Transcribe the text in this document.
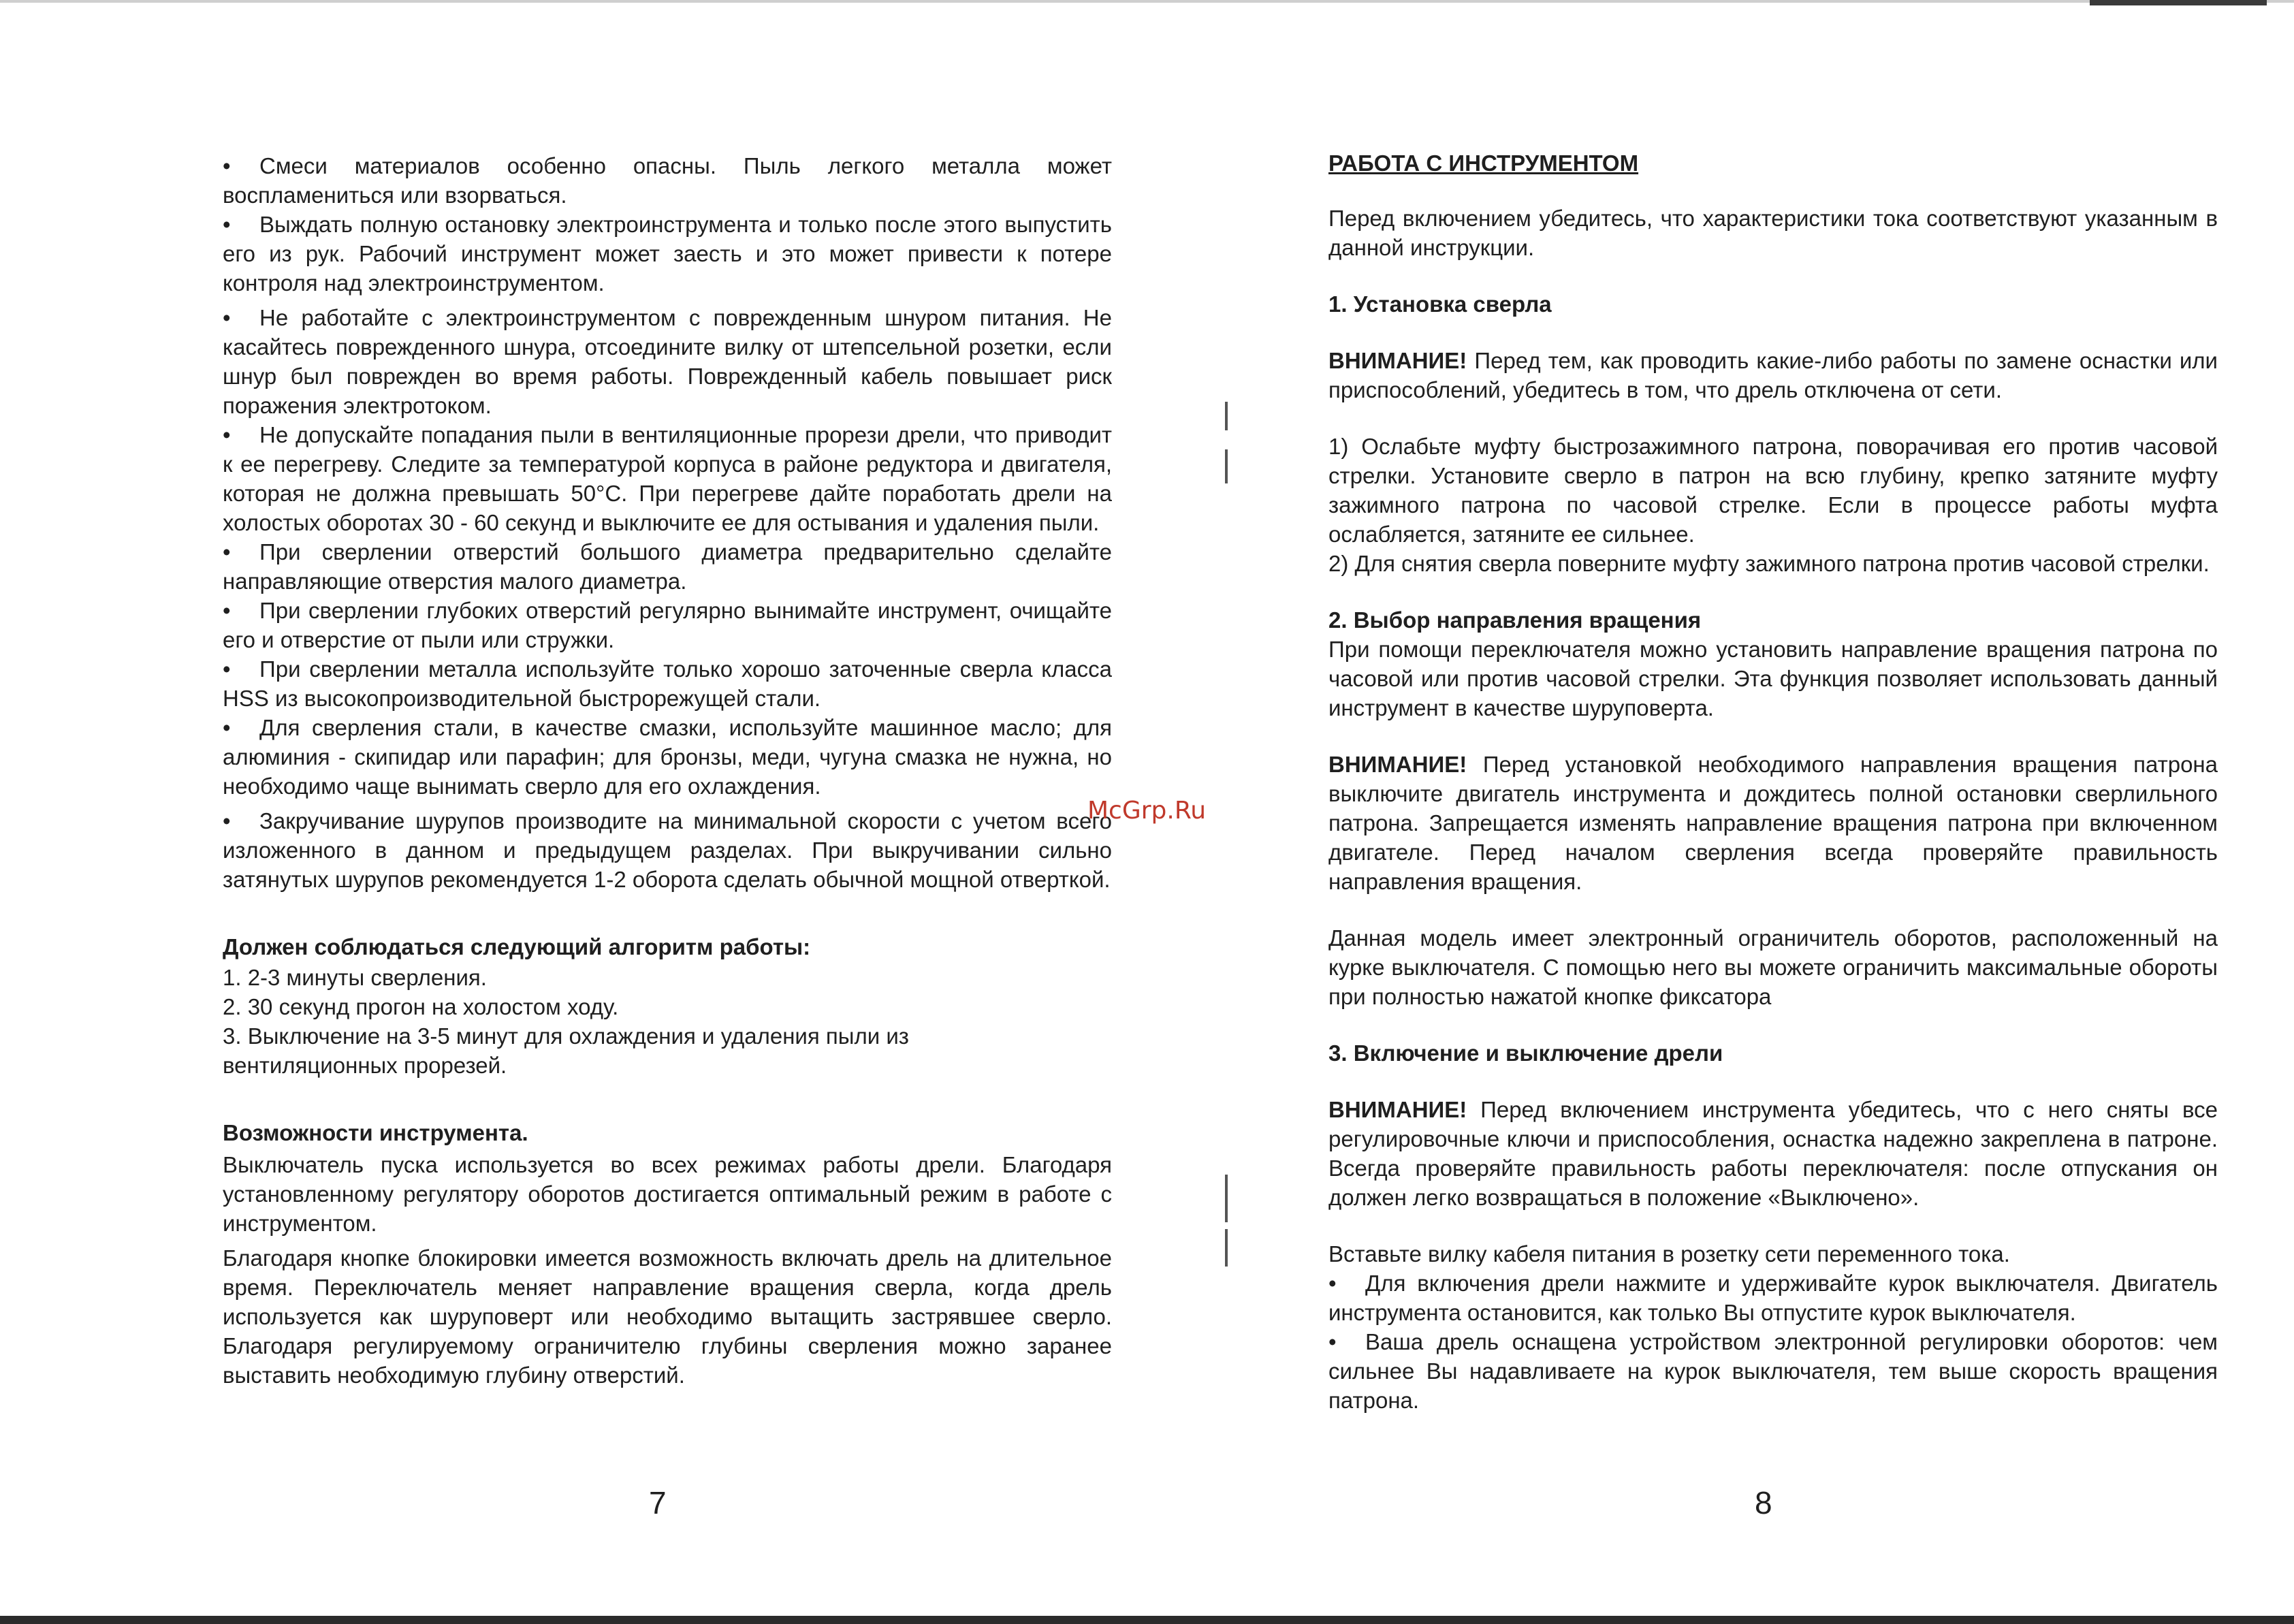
• Смеси материалов особенно опасны. Пыль легкого металла может воспламениться или взорваться.

• Выждать полную остановку электроинструмента и только после этого выпустить его из рук. Рабочий инструмент может заесть и это может привести к потере контроля над электроинструментом.

• Не работайте с электроинструментом с поврежденным шнуром питания. Не касайтесь поврежденного шнура, отсоедините вилку от штепсельной розетки, если шнур был поврежден во время работы. Поврежденный кабель повышает риск поражения электротоком.

• Не допускайте попадания пыли в вентиляционные прорези дрели, что приводит к ее перегреву. Следите за температурой корпуса в районе редуктора и двигателя, которая не должна превышать 50°C. При перегреве дайте поработать дрели на холостых оборотах 30 - 60 секунд и выключите ее для остывания и удаления пыли.

• При сверлении отверстий большого диаметра предварительно сделайте направляющие отверстия малого диаметра.

• При сверлении глубоких отверстий регулярно вынимайте инструмент, очищайте его и отверстие от пыли или стружки.

• При сверлении металла используйте только хорошо заточенные сверла класса HSS из высокопроизводительной быстрорежущей стали.

• Для сверления стали, в качестве смазки, используйте машинное масло; для алюминия - скипидар или парафин; для бронзы, меди, чугуна смазка не нужна, но необходимо чаще вынимать сверло для его охлаждения.

• Закручивание шурупов производите на минимальной скорости с учетом всего изложенного в данном и предыдущем разделах. При выкручивании сильно затянутых шурупов рекомендуется 1-2 оборота сделать обычной мощной отверткой.

Должен соблюдаться следующий алгоритм работы:

1. 2-3 минуты сверления.

2. 30 секунд прогон на холостом ходу.

3. Выключение на 3-5 минут для охлаждения и удаления пыли из вентиляционных прорезей.

Возможности инструмента.

Выключатель пуска используется во всех режимах работы дрели. Благодаря установленному регулятору оборотов достигается оптимальный режим в работе с инструментом.

Благодаря кнопке блокировки имеется возможность включать дрель на длительное время. Переключатель меняет направление вращения сверла, когда дрель используется как шуруповерт или необходимо вытащить застрявшее сверло. Благодаря регулируемому ограничителю глубины сверления можно заранее выставить необходимую глубину отверстий.

7

РАБОТА С ИНСТРУМЕНТОМ

Перед включением убедитесь, что характеристики тока соответствуют указанным в данной инструкции.

1. Установка сверла

ВНИМАНИЕ! Перед тем, как проводить какие-либо работы по замене оснастки или приспособлений, убедитесь в том, что дрель отключена от сети.

1) Ослабьте муфту быстрозажимного патрона, поворачивая его против часовой стрелки. Установите сверло в патрон на всю глубину, крепко затяните муфту зажимного патрона по часовой стрелке. Если в процессе работы муфта ослабляется, затяните ее сильнее.

2) Для снятия сверла поверните муфту зажимного патрона против часовой стрелки.

2. Выбор направления вращения

При помощи переключателя можно установить направление вращения патрона по часовой или против часовой стрелки. Эта функция позволяет использовать данный инструмент в качестве шуруповерта.

ВНИМАНИЕ! Перед установкой необходимого направления вращения патрона выключите двигатель инструмента и дождитесь полной остановки сверлильного патрона. Запрещается изменять направление вращения патрона при включенном двигателе. Перед началом сверления всегда проверяйте правильность направления вращения.

Данная модель имеет электронный ограничитель оборотов, расположенный на курке выключателя. С помощью него вы можете ограничить максимальные обороты при полностью нажатой кнопке фиксатора

3. Включение и выключение дрели

ВНИМАНИЕ! Перед включением инструмента убедитесь, что с него сняты все регулировочные ключи и приспособления, оснастка надежно закреплена в патроне. Всегда проверяйте правильность работы переключателя: после отпускания он должен легко возвращаться в положение «Выключено».

Вставьте вилку кабеля питания в розетку сети переменного тока.

• Для включения дрели нажмите и удерживайте курок выключателя. Двигатель инструмента остановится, как только Вы отпустите курок выключателя.

• Ваша дрель оснащена устройством электронной регулировки оборотов: чем сильнее Вы надавливаете на курок выключателя, тем выше скорость вращения патрона.

8
McGrp.Ru
